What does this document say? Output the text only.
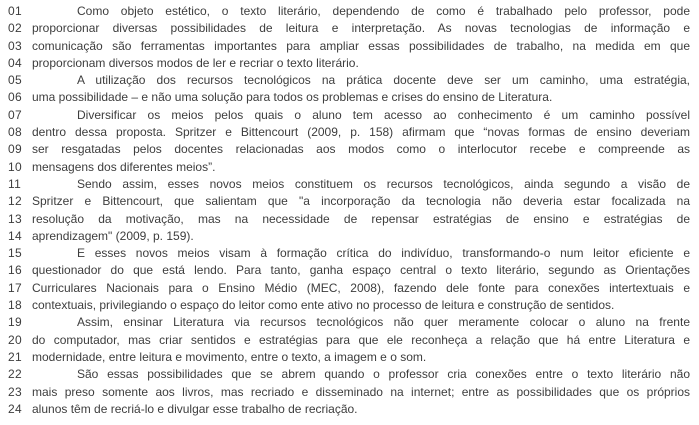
01	Como objeto estético, o texto literário, dependendo de como é trabalhado pelo professor, pode
02 proporcionar diversas possibilidades de leitura e interpretação. As novas tecnologias de informação e
03 comunicação são ferramentas importantes para ampliar essas possibilidades de trabalho, na medida em que
04 proporcionam diversos modos de ler e recriar o texto literário.
05	A utilização dos recursos tecnológicos na prática docente deve ser um caminho, uma estratégia,
06 uma possibilidade – e não uma solução para todos os problemas e crises do ensino de Literatura.
07	Diversificar os meios pelos quais o aluno tem acesso ao conhecimento é um caminho possível
08 dentro dessa proposta. Spritzer e Bittencourt (2009, p. 158) afirmam que “novas formas de ensino deveriam
09 ser resgatadas pelos docentes relacionadas aos modos como o interlocutor recebe e compreende as
10 mensagens dos diferentes meios”.
11	Sendo assim, esses novos meios constituem os recursos tecnológicos, ainda segundo a visão de
12 Spritzer e Bittencourt, que salientam que "a incorporação da tecnologia não deveria estar focalizada na
13 resolução da motivação, mas na necessidade de repensar estratégias de ensino e estratégias de
14 aprendizagem" (2009, p. 159).
15	E esses novos meios visam à formação crítica do indivíduo, transformando-o num leitor eficiente e
16 questionador do que está lendo. Para tanto, ganha espaço central o texto literário, segundo as Orientações
17 Curriculares Nacionais para o Ensino Médio (MEC, 2008), fazendo dele fonte para conexões intertextuais e
18 contextuais, privilegiando o espaço do leitor como ente ativo no processo de leitura e construção de sentidos.
19	Assim, ensinar Literatura via recursos tecnológicos não quer meramente colocar o aluno na frente
20 do computador, mas criar sentidos e estratégias para que ele reconheça a relação que há entre Literatura e
21 modernidade, entre leitura e movimento, entre o texto, a imagem e o som.
22	São essas possibilidades que se abrem quando o professor cria conexões entre o texto literário não
23 mais preso somente aos livros, mas recriado e disseminado na internet; entre as possibilidades que os próprios
24 alunos têm de recriá-lo e divulgar esse trabalho de recriação.
